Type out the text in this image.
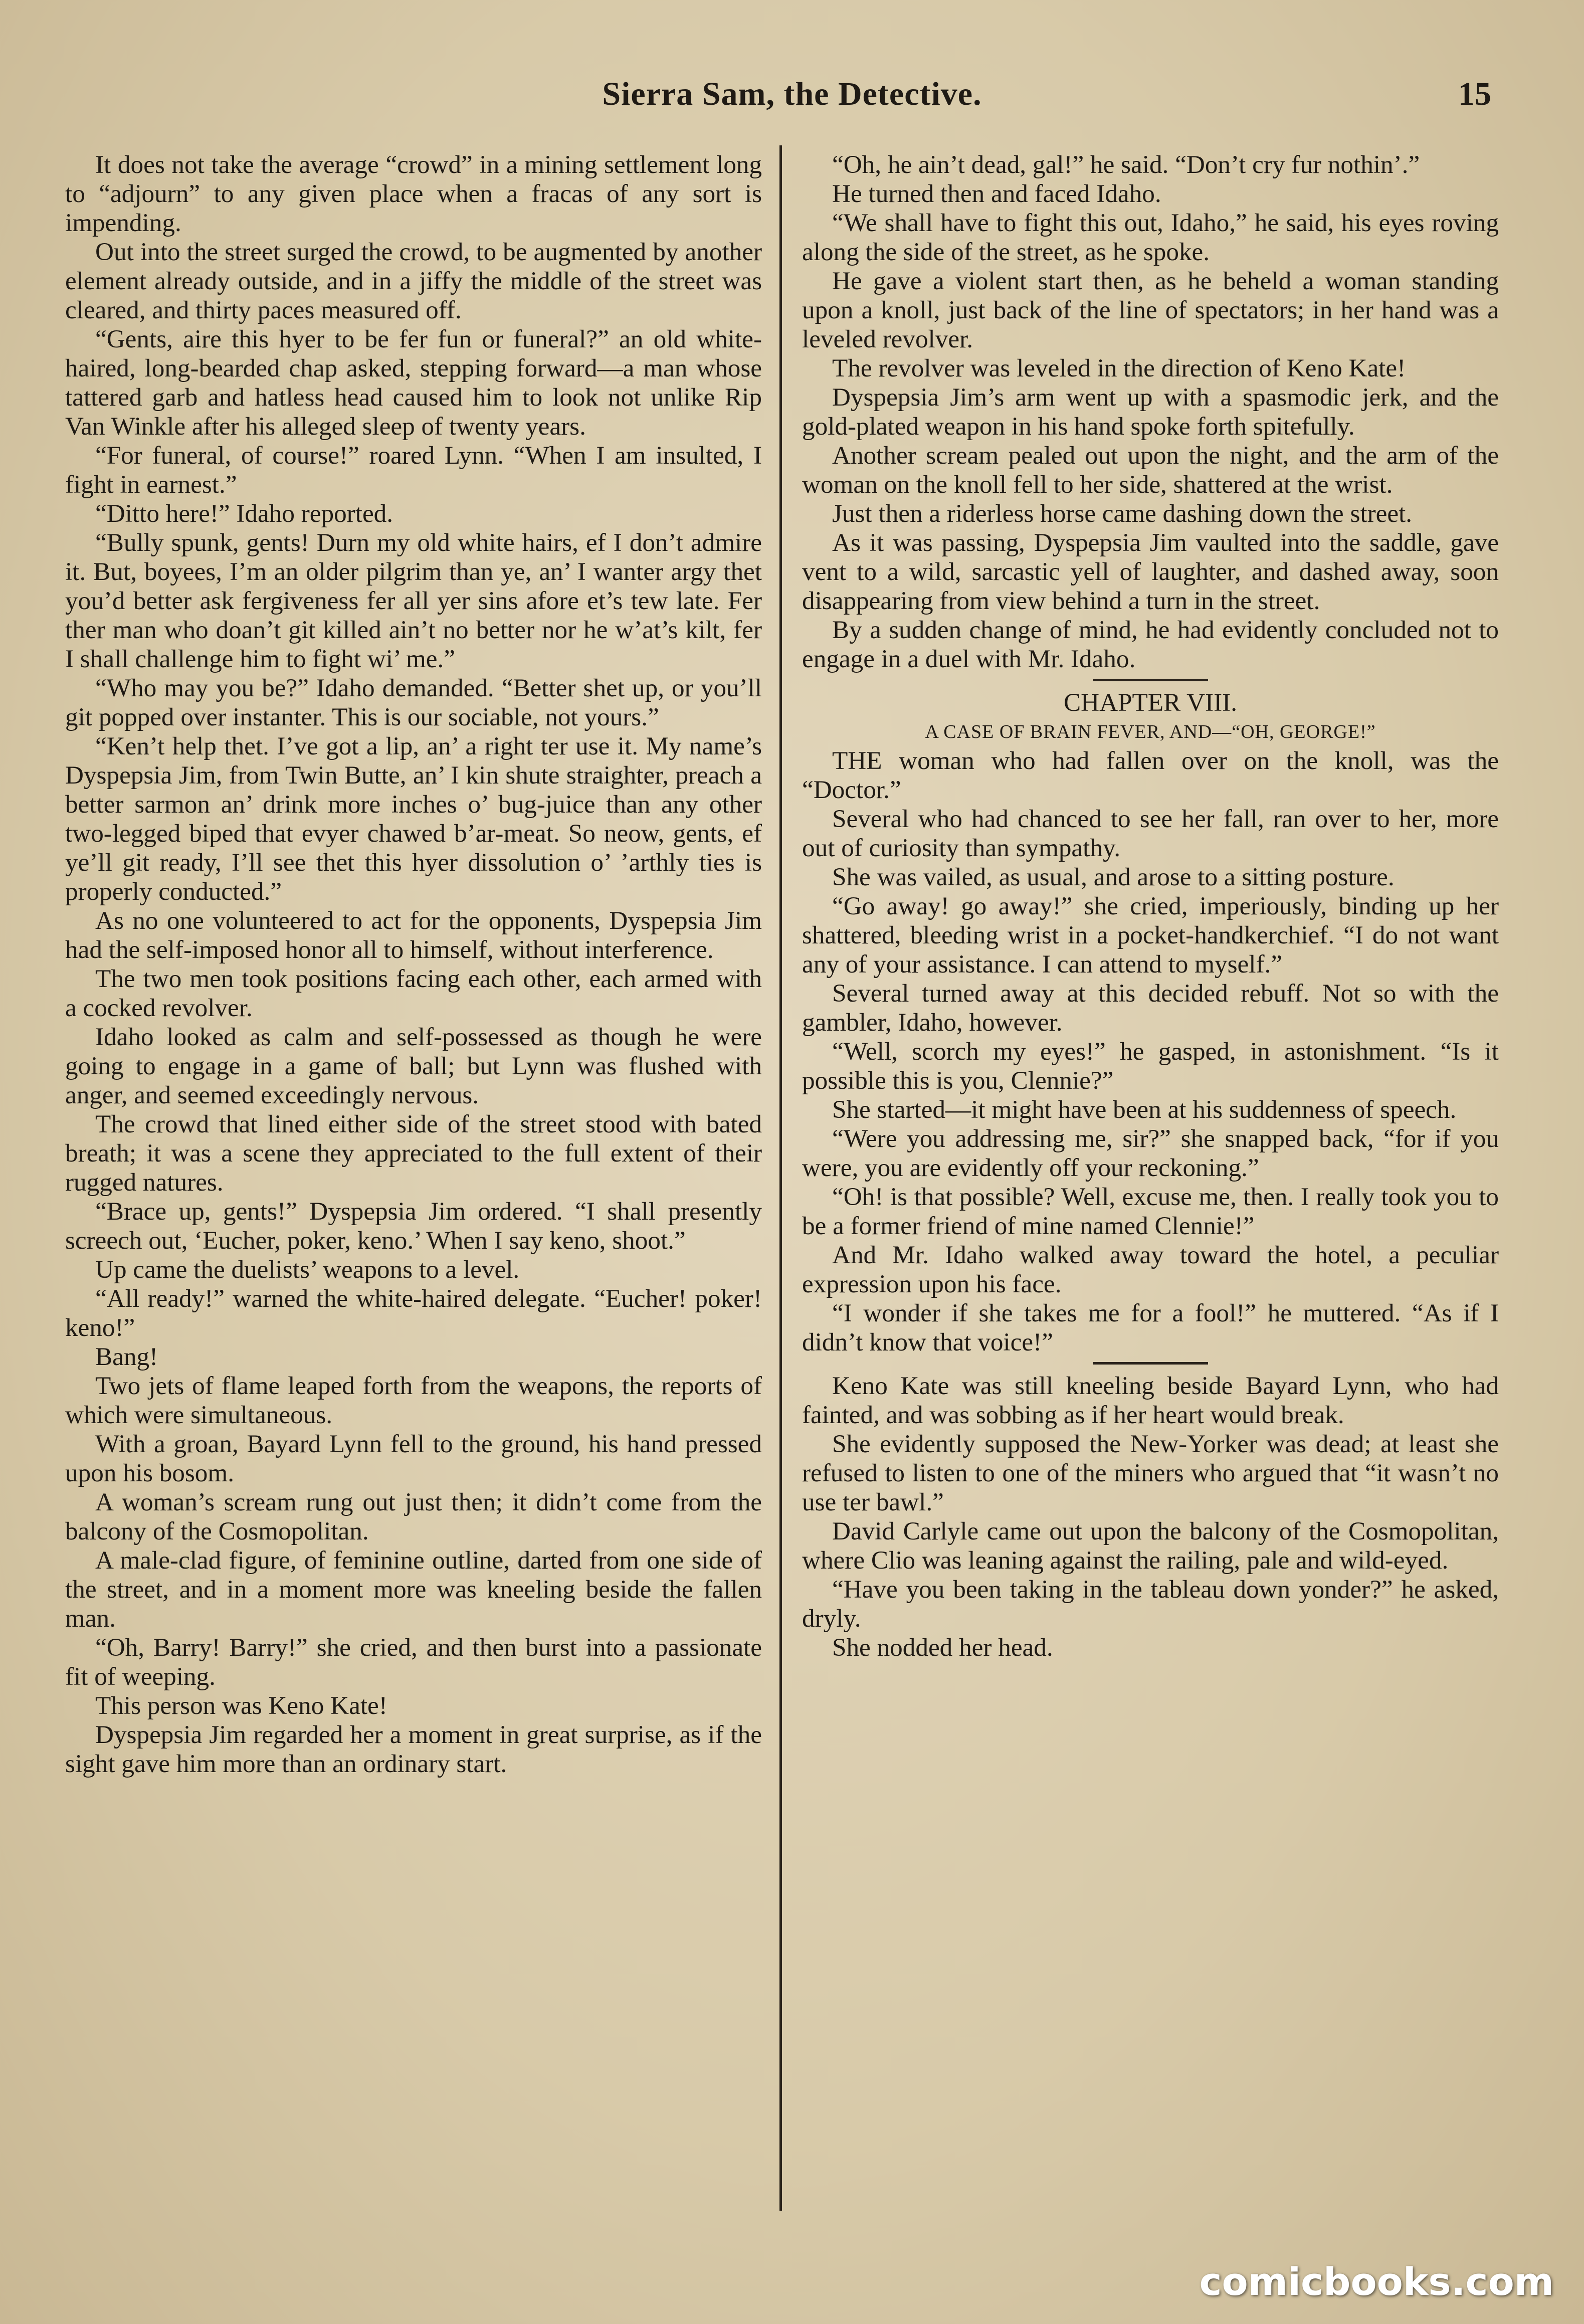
Sierra Sam, the Detective.	15

It does not take the average “crowd” in a mining settlement long to “adjourn” to any given place when a fracas of any sort is impending.

Out into the street surged the crowd, to be augmented by another element already outside, and in a jiffy the middle of the street was cleared, and thirty paces measured off.

“Gents, aire this hyer to be fer fun or funeral?” an old white-haired, long-bearded chap asked, stepping forward—a man whose tattered garb and hatless head caused him to look not unlike Rip Van Winkle after his alleged sleep of twenty years.

“For funeral, of course!” roared Lynn. “When I am insulted, I fight in earnest.”

“Ditto here!” Idaho reported.

“Bully spunk, gents! Durn my old white hairs, ef I don’t admire it. But, boyees, I’m an older pilgrim than ye, an’ I wanter argy thet you’d better ask fergiveness fer all yer sins afore et’s tew late. Fer ther man who doan’t git killed ain’t no better nor he w’at’s kilt, fer I shall challenge him to fight wi’ me.”

“Who may you be?” Idaho demanded. “Better shet up, or you’ll git popped over instanter. This is our sociable, not yours.”

“Ken’t help thet. I’ve got a lip, an’ a right ter use it. My name’s Dyspepsia Jim, from Twin Butte, an’ I kin shute straighter, preach a better sarmon an’ drink more inches o’ bug-juice than any other two-legged biped that evyer chawed b’ar-meat. So neow, gents, ef ye’ll git ready, I’ll see thet this hyer dissolution o’ ’arthly ties is properly conducted.”

As no one volunteered to act for the opponents, Dyspepsia Jim had the self-imposed honor all to himself, without interference.

The two men took positions facing each other, each armed with a cocked revolver.

Idaho looked as calm and self-possessed as though he were going to engage in a game of ball; but Lynn was flushed with anger, and seemed exceedingly nervous.

The crowd that lined either side of the street stood with bated breath; it was a scene they appreciated to the full extent of their rugged natures.

“Brace up, gents!” Dyspepsia Jim ordered. “I shall presently screech out, ‘Eucher, poker, keno.’ When I say keno, shoot.”

Up came the duelists’ weapons to a level.

“All ready!” warned the white-haired delegate. “Eucher! poker! keno!”

Bang!

Two jets of flame leaped forth from the weapons, the reports of which were simultaneous.

With a groan, Bayard Lynn fell to the ground, his hand pressed upon his bosom.

A woman’s scream rung out just then; it didn’t come from the balcony of the Cosmopolitan.

A male-clad figure, of feminine outline, darted from one side of the street, and in a moment more was kneeling beside the fallen man.

“Oh, Barry! Barry!” she cried, and then burst into a passionate fit of weeping.

This person was Keno Kate!

Dyspepsia Jim regarded her a moment in great surprise, as if the sight gave him more than an ordinary start.

“Oh, he ain’t dead, gal!” he said. “Don’t cry fur nothin’.”

He turned then and faced Idaho.

“We shall have to fight this out, Idaho,” he said, his eyes roving along the side of the street, as he spoke.

He gave a violent start then, as he beheld a woman standing upon a knoll, just back of the line of spectators; in her hand was a leveled revolver.

The revolver was leveled in the direction of Keno Kate!

Dyspepsia Jim’s arm went up with a spasmodic jerk, and the gold-plated weapon in his hand spoke forth spitefully.

Another scream pealed out upon the night, and the arm of the woman on the knoll fell to her side, shattered at the wrist.

Just then a riderless horse came dashing down the street.

As it was passing, Dyspepsia Jim vaulted into the saddle, gave vent to a wild, sarcastic yell of laughter, and dashed away, soon disappearing from view behind a turn in the street.

By a sudden change of mind, he had evidently concluded not to engage in a duel with Mr. Idaho.

CHAPTER VIII.

A CASE OF BRAIN FEVER, AND—“OH, GEORGE!”

THE woman who had fallen over on the knoll, was the “Doctor.”

Several who had chanced to see her fall, ran over to her, more out of curiosity than sympathy.

She was vailed, as usual, and arose to a sitting posture.

“Go away! go away!” she cried, imperiously, binding up her shattered, bleeding wrist in a pocket-handkerchief. “I do not want any of your assistance. I can attend to myself.”

Several turned away at this decided rebuff. Not so with the gambler, Idaho, however.

“Well, scorch my eyes!” he gasped, in astonishment. “Is it possible this is you, Clennie?”

She started—it might have been at his suddenness of speech.

“Were you addressing me, sir?” she snapped back, “for if you were, you are evidently off your reckoning.”

“Oh! is that possible? Well, excuse me, then. I really took you to be a former friend of mine named Clennie!”

And Mr. Idaho walked away toward the hotel, a peculiar expression upon his face.

“I wonder if she takes me for a fool!” he muttered. “As if I didn’t know that voice!”

Keno Kate was still kneeling beside Bayard Lynn, who had fainted, and was sobbing as if her heart would break.

She evidently supposed the New-Yorker was dead; at least she refused to listen to one of the miners who argued that “it wasn’t no use ter bawl.”

David Carlyle came out upon the balcony of the Cosmopolitan, where Clio was leaning against the railing, pale and wild-eyed.

“Have you been taking in the tableau down yonder?” he asked, dryly.

She nodded her head.

comicbooks.com
